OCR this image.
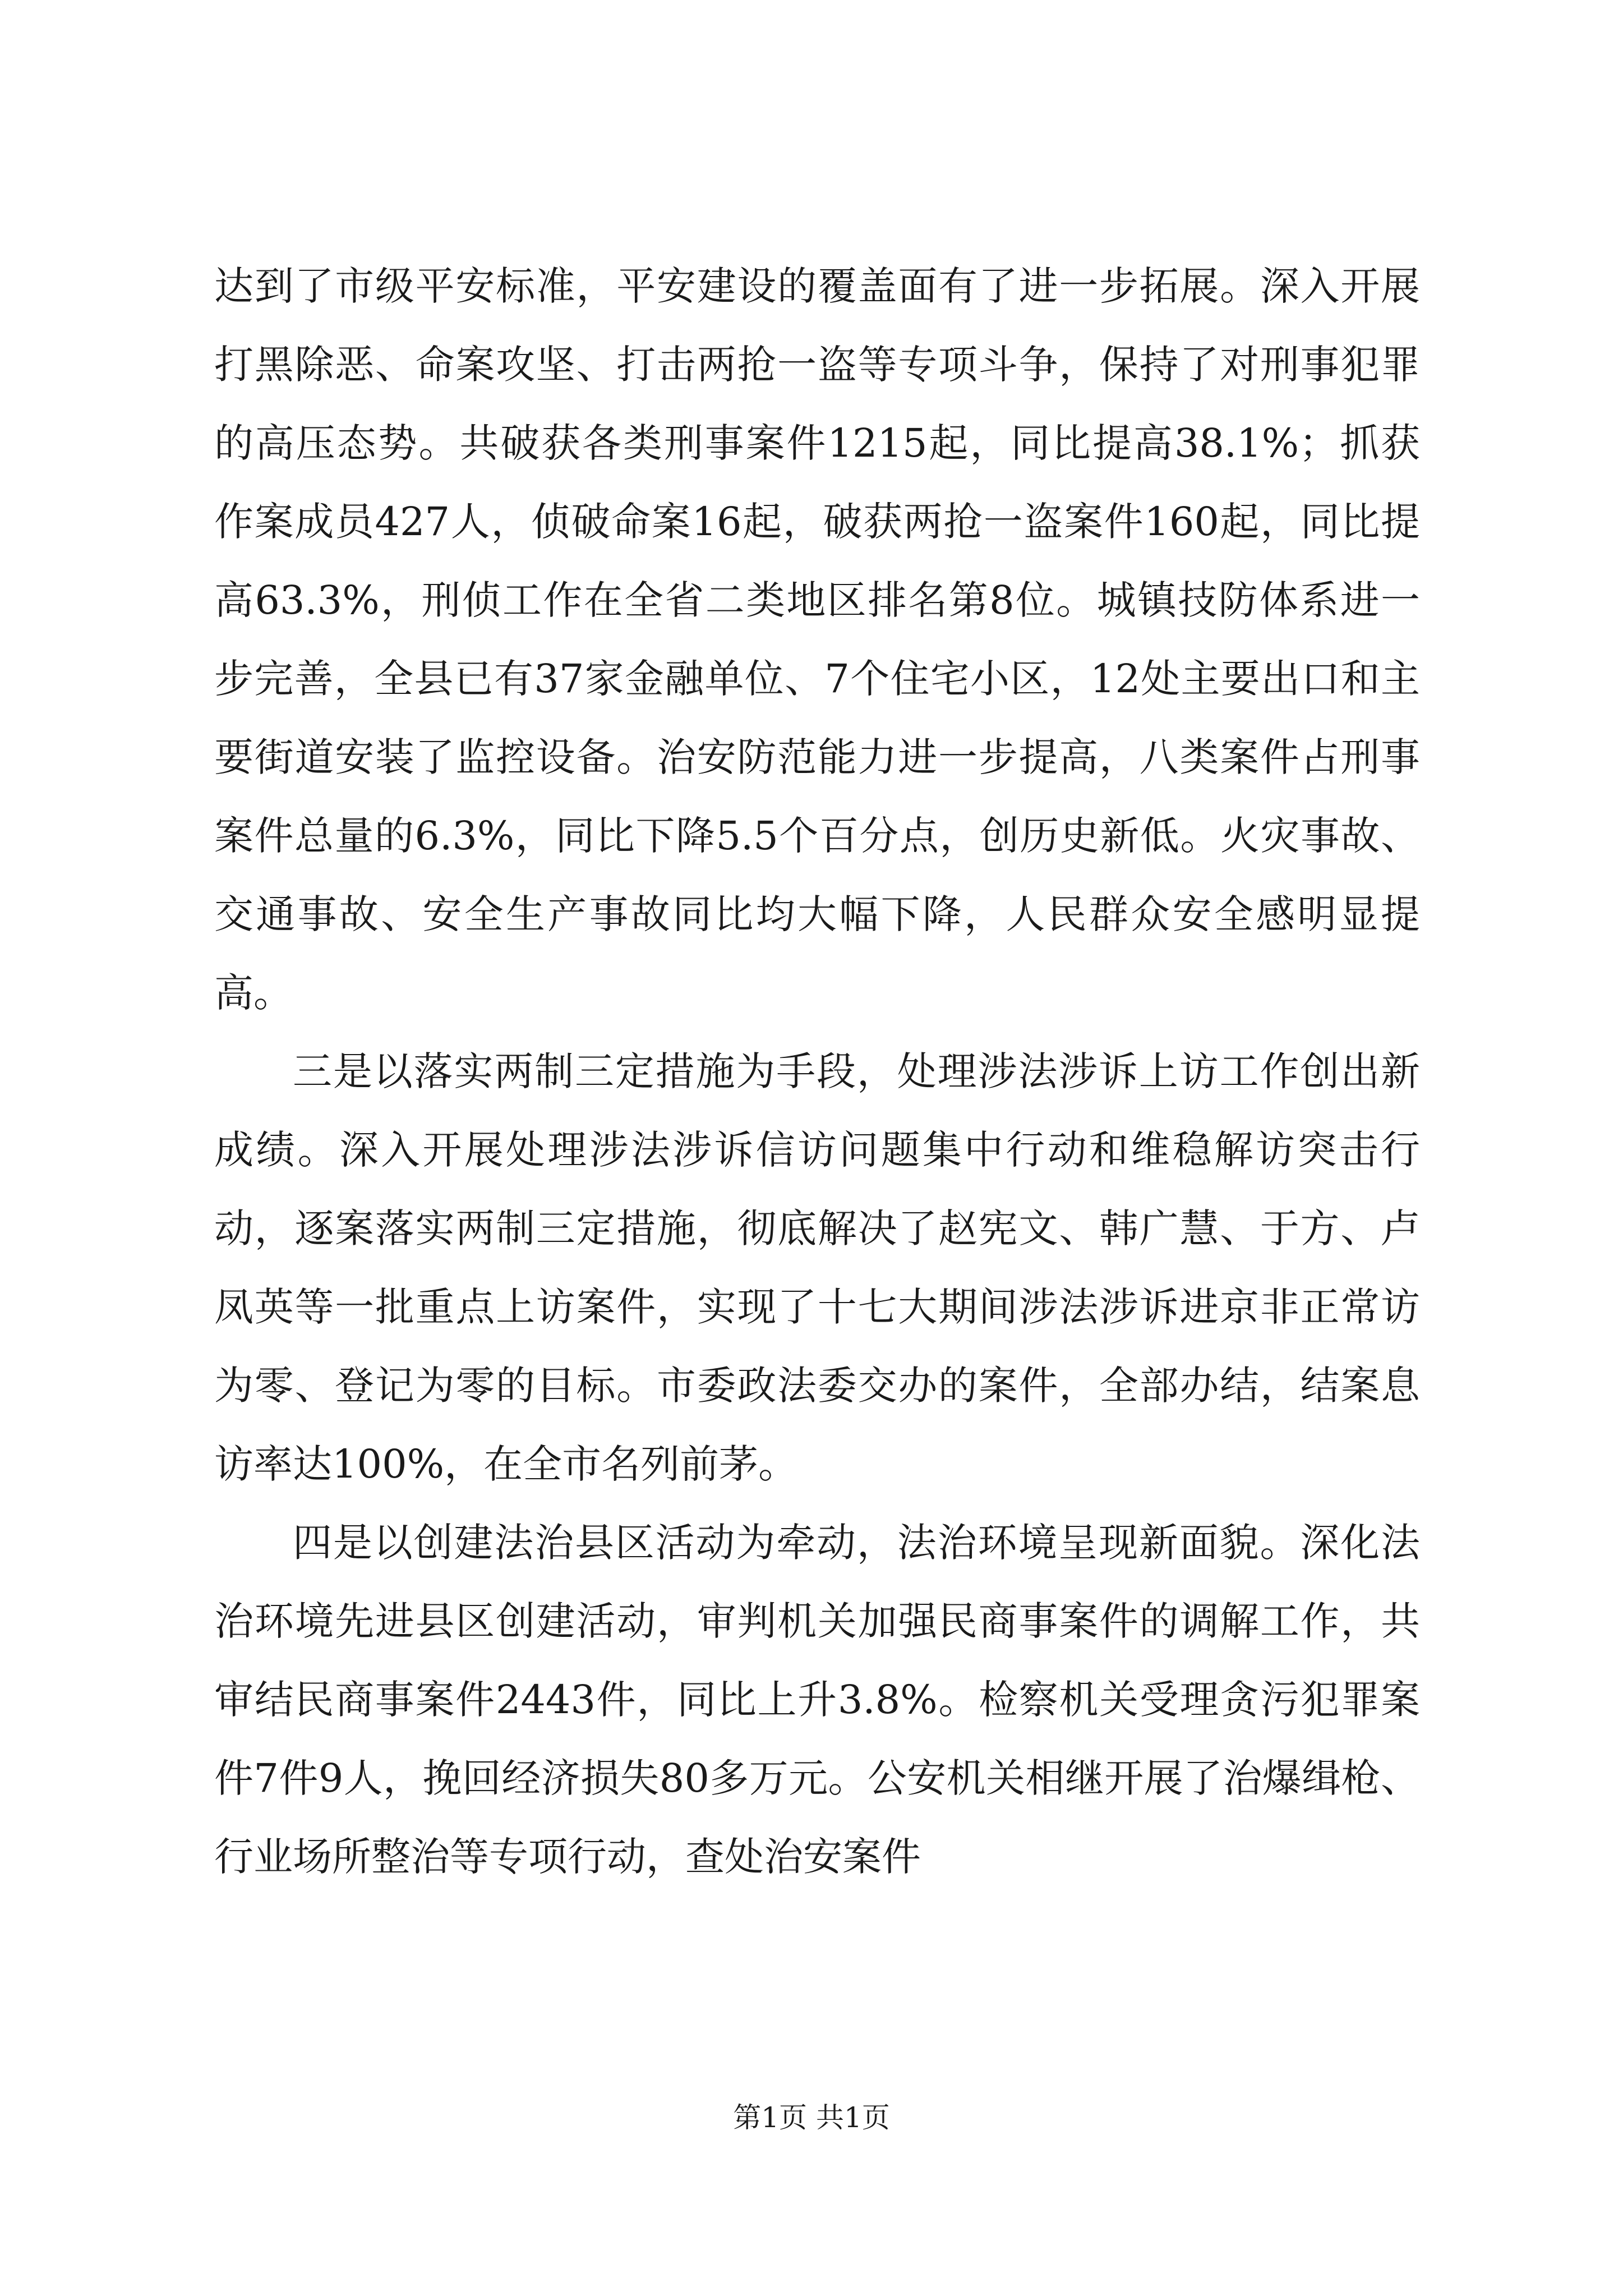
达到了市级平安标准，平安建设的覆盖面有了进一步拓展。深入开展打黑除恶、命案攻坚、打击两抢一盗等专项斗争，保持了对刑事犯罪的高压态势。共破获各类刑事案件1215起，同比提高38.1%；抓获作案成员427人，侦破命案16起，破获两抢一盗案件160起，同比提高63.3%，刑侦工作在全省二类地区排名第8位。城镇技防体系进一步完善，全县已有37家金融单位、7个住宅小区，12处主要出口和主要街道安装了监控设备。治安防范能力进一步提高，八类案件占刑事案件总量的6.3%，同比下降5.5个百分点，创历史新低。火灾事故、交通事故、安全生产事故同比均大幅下降，人民群众安全感明显提高。

三是以落实两制三定措施为手段，处理涉法涉诉上访工作创出新成绩。深入开展处理涉法涉诉信访问题集中行动和维稳解访突击行动，逐案落实两制三定措施，彻底解决了赵宪文、韩广慧、于方、卢凤英等一批重点上访案件，实现了十七大期间涉法涉诉进京非正常访为零、登记为零的目标。市委政法委交办的案件，全部办结，结案息访率达100%，在全市名列前茅。

四是以创建法治县区活动为牵动，法治环境呈现新面貌。深化法治环境先进县区创建活动，审判机关加强民商事案件的调解工作，共审结民商事案件2443件，同比上升3.8%。检察机关受理贪污犯罪案件7件9人，挽回经济损失80多万元。公安机关相继开展了治爆缉枪、行业场所整治等专项行动，查处治安案件

第1页 共1页
